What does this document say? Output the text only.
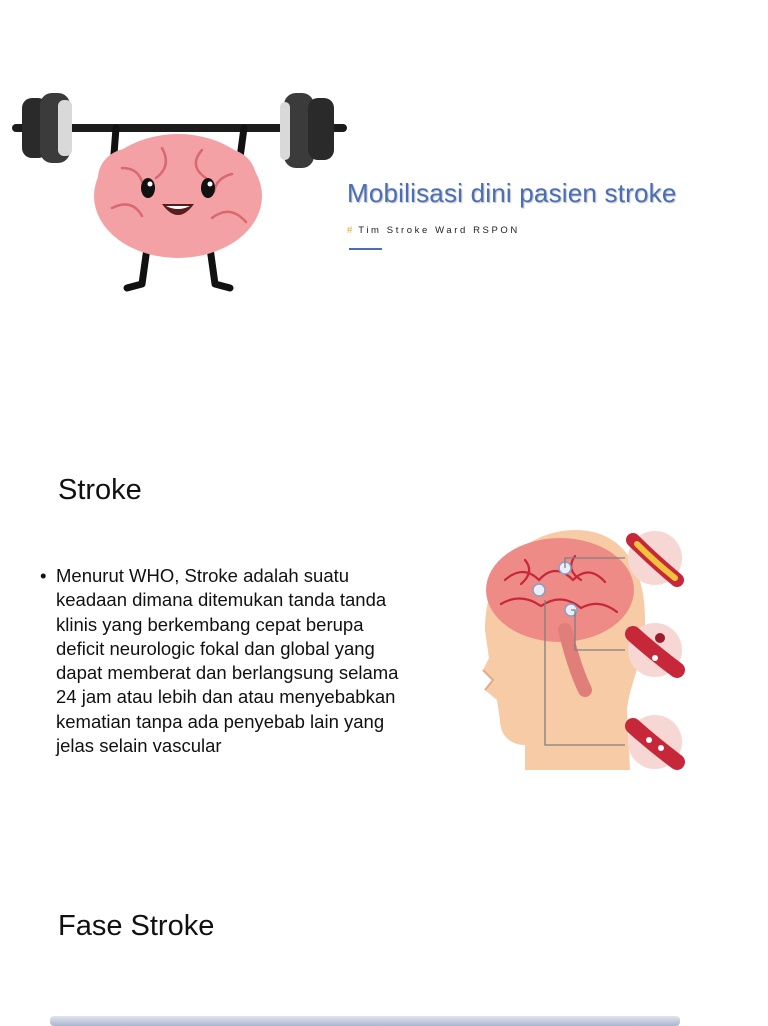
Mobilisasi dini pasien stroke
# Tim Stroke Ward RSPON
Stroke
• Menurut WHO, Stroke adalah suatu keadaan dimana ditemukan tanda tanda klinis yang berkembang cepat berupa deficit neurologic fokal dan global yang dapat memberat dan berlangsung selama 24 jam atau lebih dan atau menyebabkan kematian tanpa ada penyebab lain yang jelas selain vascular
Fase Stroke
